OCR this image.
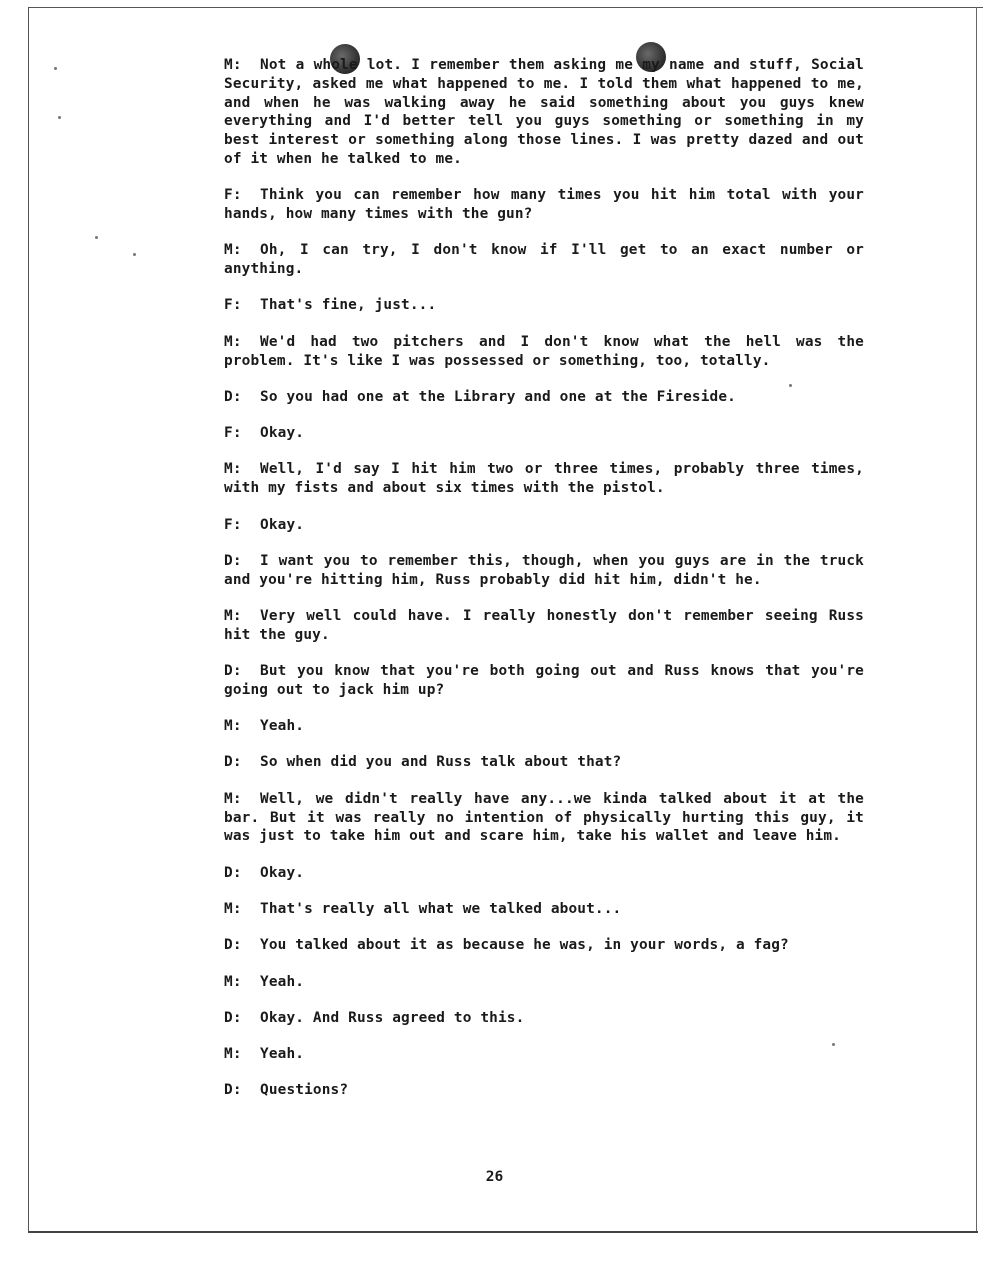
M: Not a whole lot. I remember them asking me my name and stuff, Social Security, asked me what happened to me. I told them what happened to me, and when he was walking away he said something about you guys knew everything and I'd better tell you guys something or something in my best interest or something along those lines. I was pretty dazed and out of it when he talked to me.

F: Think you can remember how many times you hit him total with your hands, how many times with the gun?

M: Oh, I can try, I don't know if I'll get to an exact number or anything.

F: That's fine, just...

M: We'd had two pitchers and I don't know what the hell was the problem. It's like I was possessed or something, too, totally.

D: So you had one at the Library and one at the Fireside.

F: Okay.

M: Well, I'd say I hit him two or three times, probably three times, with my fists and about six times with the pistol.

F: Okay.

D: I want you to remember this, though, when you guys are in the truck and you're hitting him, Russ probably did hit him, didn't he.

M: Very well could have. I really honestly don't remember seeing Russ hit the guy.

D: But you know that you're both going out and Russ knows that you're going out to jack him up?

M: Yeah.

D: So when did you and Russ talk about that?

M: Well, we didn't really have any...we kinda talked about it at the bar. But it was really no intention of physically hurting this guy, it was just to take him out and scare him, take his wallet and leave him.

D: Okay.

M: That's really all what we talked about...

D: You talked about it as because he was, in your words, a fag?

M: Yeah.

D: Okay. And Russ agreed to this.

M: Yeah.

D: Questions?

26
